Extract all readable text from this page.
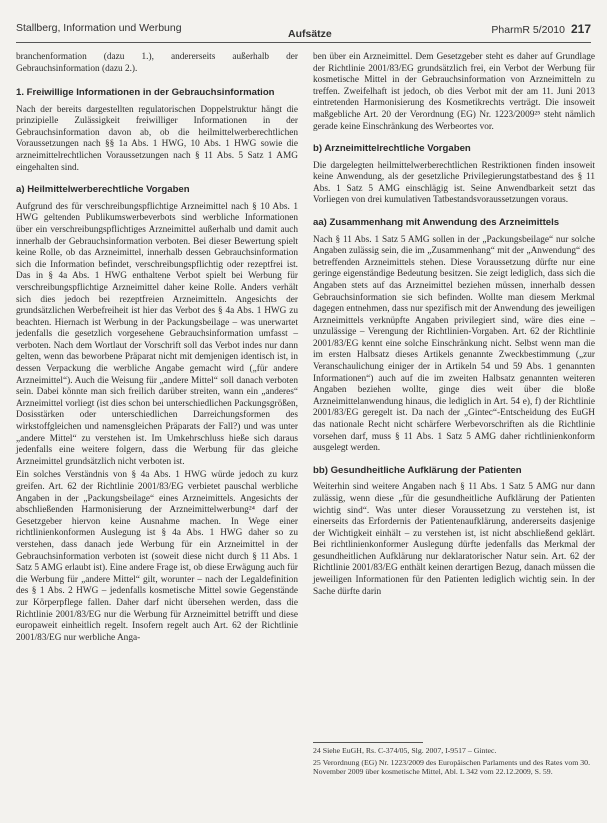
Stallberg, Information und Werbung	Aufsätze	PharmR 5/2010 217

branchenformation (dazu 1.), andererseits außerhalb der Gebrauchsinformation (dazu 2.).

1. Freiwillige Informationen in der Gebrauchsinformation

Nach der bereits dargestellten regulatorischen Doppelstruktur hängt die prinzipielle Zulässigkeit freiwilliger Informationen in der Gebrauchsinformation davon ab, ob die heilmittelwerberechtlichen Voraussetzungen nach §§ 1a Abs. 1 HWG, 10 Abs. 1 HWG sowie die arzneimittelrechtlichen Voraussetzungen nach § 11 Abs. 5 Satz 1 AMG eingehalten sind.

a) Heilmittelwerberechtliche Vorgaben

Aufgrund des für verschreibungspflichtige Arzneimittel nach § 10 Abs. 1 HWG geltenden Publikumswerbeverbots sind werbliche Informationen über ein verschreibungspflichtiges Arzneimittel außerhalb und damit auch innerhalb der Gebrauchsinformation verboten. Bei dieser Bewertung spielt keine Rolle, ob das Arzneimittel, innerhalb dessen Gebrauchsinformation sich die Information befindet, verschreibungspflichtig oder rezeptfrei ist. Das in § 4a Abs. 1 HWG enthaltene Verbot spielt bei Werbung für verschreibungspflichtige Arzneimittel daher keine Rolle. Anders verhält sich dies jedoch bei rezeptfreien Arzneimitteln. Angesichts der grundsätzlichen Werbefreiheit ist hier das Verbot des § 4a Abs. 1 HWG zu beachten. Hiernach ist Werbung in der Packungsbeilage – was unerwartet jedenfalls die gesetzlich vorgesehene Gebrauchsinformation umfasst – verboten. Nach dem Wortlaut der Vorschrift soll das Verbot indes nur dann gelten, wenn das beworbene Präparat nicht mit demjenigen identisch ist, in dessen Verpackung die werbliche Angabe gemacht wird („für andere Arzneimittel“). Auch die Weisung für „andere Mittel“ soll danach verboten sein. Dabei könnte man sich freilich darüber streiten, wann ein „anderes“ Arzneimittel vorliegt (ist dies schon bei unterschiedlichen Packungsgrößen, Dosisstärken oder unterschiedlichen Darreichungsformen des wirkstoffgleichen und namensgleichen Präparats der Fall?) und was unter „andere Mittel“ zu verstehen ist. Im Umkehrschluss hieße sich daraus jedenfalls eine weitere folgern, dass die Werbung für das gleiche Arzneimittel grundsätzlich nicht verboten ist.

Ein solches Verständnis von § 4a Abs. 1 HWG würde jedoch zu kurz greifen. Art. 62 der Richtlinie 2001/83/EG verbietet pauschal werbliche Angaben in der „Packungsbeilage“ eines Arzneimittels. Angesichts der abschließenden Harmonisierung der Arzneimittelwerbung²⁴ darf der Gesetzgeber hiervon keine Ausnahme machen. In Wege einer richtlinienkonformen Auslegung ist § 4a Abs. 1 HWG daher so zu verstehen, dass danach jede Werbung für ein Arzneimittel in der Gebrauchsinformation verboten ist (soweit diese nicht durch § 11 Abs. 1 Satz 5 AMG erlaubt ist). Eine andere Frage ist, ob diese Erwägung auch für die Werbung für „andere Mittel“ gilt, worunter – nach der Legaldefinition des § 1 Abs. 2 HWG – jedenfalls kosmetische Mittel sowie Gegenstände zur Körperpflege fallen. Daher darf nicht übersehen werden, dass die Richtlinie 2001/83/EG nur die Werbung für Arzneimittel betrifft und diese europaweit einheitlich regelt. Insofern regelt auch Art. 62 der Richtlinie 2001/83/EG nur werbliche Anga-

ben über ein Arzneimittel. Dem Gesetzgeber steht es daher auf Grundlage der Richtlinie 2001/83/EG grundsätzlich frei, ein Verbot der Werbung für kosmetische Mittel in der Gebrauchsinformation von Arzneimitteln zu treffen. Zweifelhaft ist jedoch, ob dies Verbot mit der am 11. Juni 2013 eintretenden Harmonisierung des Kosmetikrechts verträgt. Die insoweit maßgebliche Art. 20 der Verordnung (EG) Nr. 1223/2009²⁵ steht nämlich gerade keine Einschränkung des Werbeortes vor.

b) Arzneimittelrechtliche Vorgaben

Die dargelegten heilmittelwerberechtlichen Restriktionen finden insoweit keine Anwendung, als der gesetzliche Privilegierungstatbestand des § 11 Abs. 1 Satz 5 AMG einschlägig ist. Seine Anwendbarkeit setzt das Vorliegen von drei kumulativen Tatbestandsvoraussetzungen voraus.

aa) Zusammenhang mit Anwendung des Arzneimittels

Nach § 11 Abs. 1 Satz 5 AMG sollen in der „Packungsbeilage“ nur solche Angaben zulässig sein, die im „Zusammenhang“ mit der „Anwendung“ des betreffenden Arzneimittels stehen. Diese Voraussetzung dürfte nur eine geringe eigenständige Bedeutung besitzen. Sie zeigt lediglich, dass sich die Angaben stets auf das Arzneimittel beziehen müssen, innerhalb dessen Gebrauchsinformation sie sich befinden. Wollte man diesem Merkmal dagegen entnehmen, dass nur spezifisch mit der Anwendung des jeweiligen Arzneimittels verknüpfte Angaben privilegiert sind, wäre dies eine – unzulässige – Verengung der Richtlinien-Vorgaben. Art. 62 der Richtlinie 2001/83/EG kennt eine solche Einschränkung nicht. Selbst wenn man die im ersten Halbsatz dieses Artikels genannte Zweckbestimmung („zur Veranschaulichung einiger der in Artikeln 54 und 59 Abs. 1 genannten Informationen“) auch auf die im zweiten Halbsatz genannten weiteren Angaben beziehen wollte, ginge dies weit über die bloße Arzneimittelanwendung hinaus, die lediglich in Art. 54 e), f) der Richtlinie 2001/83/EG geregelt ist. Da nach der „Gintec“-Entscheidung des EuGH das nationale Recht nicht schärfere Werbevorschriften als die Richtlinie vorsehen darf, muss § 11 Abs. 1 Satz 5 AMG daher richtlinienkonform ausgelegt werden.

bb) Gesundheitliche Aufklärung der Patienten

Weiterhin sind weitere Angaben nach § 11 Abs. 1 Satz 5 AMG nur dann zulässig, wenn diese „für die gesundheitliche Aufklärung der Patienten wichtig sind“. Was unter dieser Voraussetzung zu verstehen ist, ist einerseits das Erfordernis der Patientenaufklärung, andererseits dasjenige der Wichtigkeit einhält – zu verstehen ist, ist nicht abschließend geklärt. Bei richtlinienkonformer Auslegung dürfte jedenfalls das Merkmal der gesundheitlichen Aufklärung nur deklaratorischer Natur sein. Art. 62 der Richtlinie 2001/83/EG enthält keinen derartigen Bezug, danach müssen die jeweiligen Informationen für den Patienten lediglich wichtig sein. In der Sache dürfte darin

24 Siehe EuGH, Rs. C-374/05, Slg. 2007, I-9517 – Gintec.

25 Verordnung (EG) Nr. 1223/2009 des Europäischen Parlaments und des Rates vom 30. November 2009 über kosmetische Mittel, Abl. L 342 vom 22.12.2009, S. 59.
